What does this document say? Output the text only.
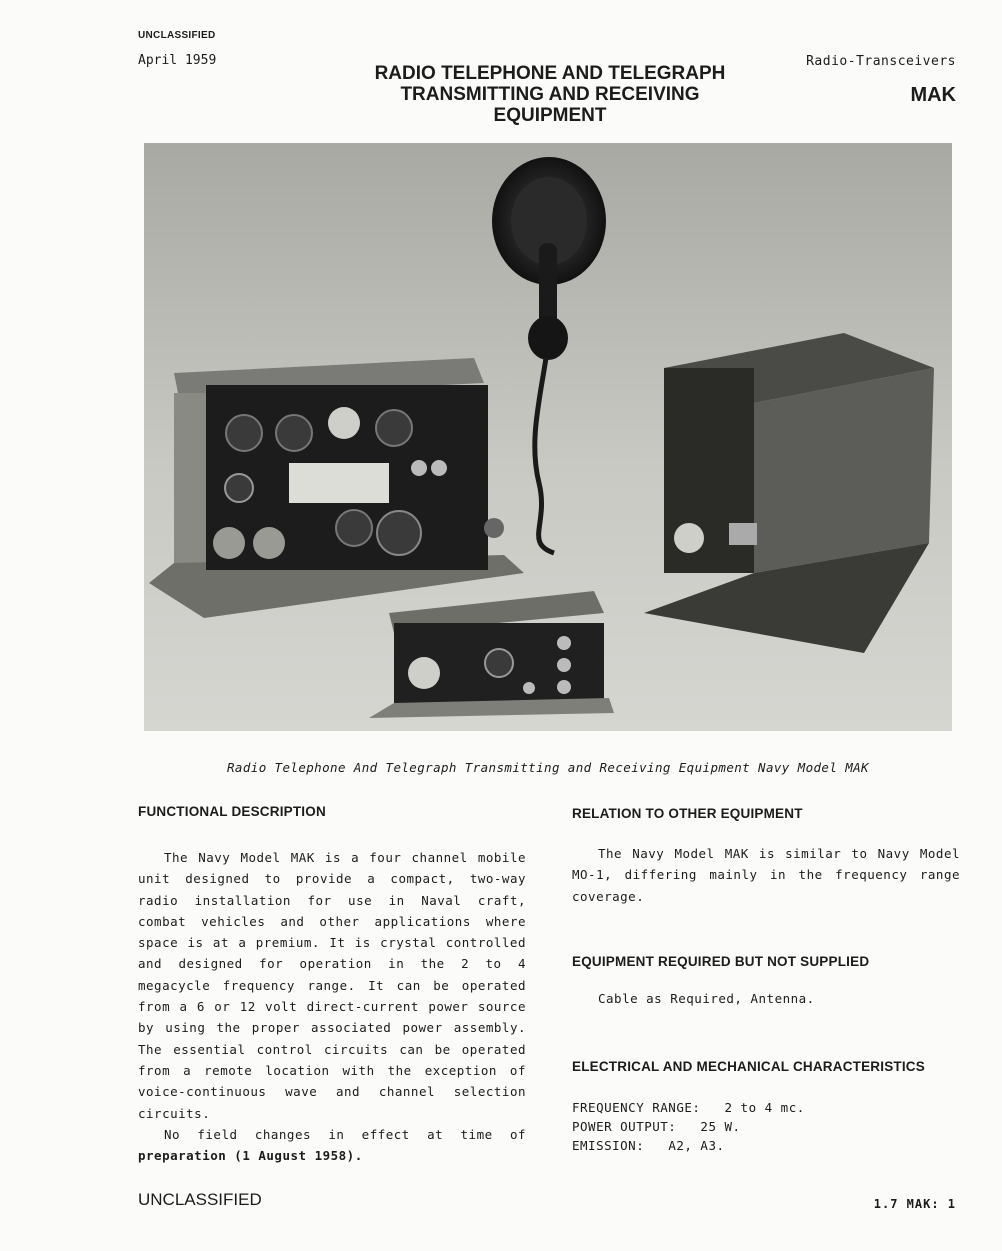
UNCLASSIFIED
April 1959	Radio-Transceivers
MAK
RADIO TELEPHONE AND TELEGRAPH
TRANSMITTING AND RECEIVING
EQUIPMENT
Radio Telephone And Telegraph Transmitting and Receiving Equipment Navy Model MAK
FUNCTIONAL DESCRIPTION

The Navy Model MAK is a four channel mobile unit designed to provide a compact, two-way radio installation for use in Naval craft, combat vehicles and other applications where space is at a premium. It is crystal controlled and designed for operation in the 2 to 4 megacycle frequency range. It can be operated from a 6 or 12 volt direct-current power source by using the proper associated power assembly. The essential control circuits can be operated from a remote location with the exception of voice-continuous wave and channel selection circuits.

No field changes in effect at time of preparation (1 August 1958).

RELATION TO OTHER EQUIPMENT

The Navy Model MAK is similar to Navy Model MO-1, differing mainly in the frequency range coverage.

EQUIPMENT REQUIRED BUT NOT SUPPLIED
Cable as Required, Antenna.
ELECTRICAL AND MECHANICAL CHARACTERISTICS
FREQUENCY RANGE: 2 to 4 mc.
POWER OUTPUT: 25 W.
EMISSION: A2, A3.
UNCLASSIFIED	1.7 MAK: 1
